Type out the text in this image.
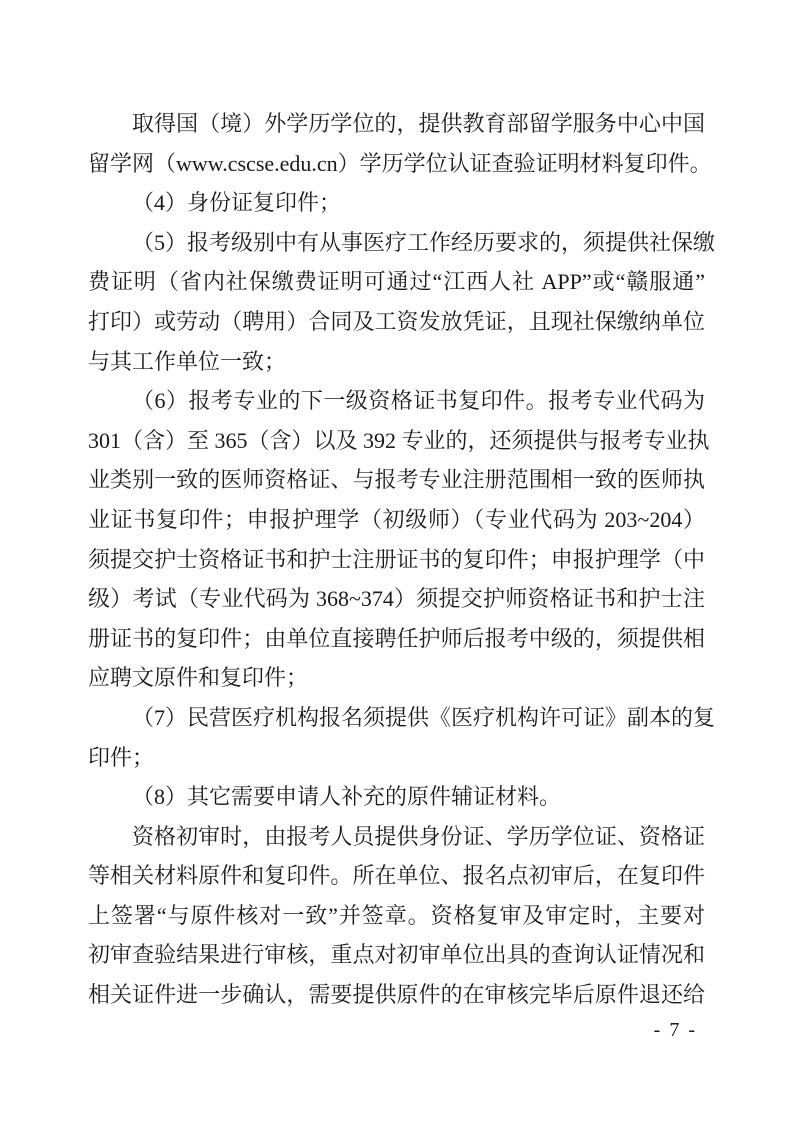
取得国（境）外学历学位的，提供教育部留学服务中心中国
留学网（www.cscse.edu.cn）学历学位认证查验证明材料复印件。
（4）身份证复印件；
（5）报考级别中有从事医疗工作经历要求的，须提供社保缴
费证明（省内社保缴费证明可通过“江西人社 APP”或“赣服通”
打印）或劳动（聘用）合同及工资发放凭证，且现社保缴纳单位
与其工作单位一致；
（6）报考专业的下一级资格证书复印件。报考专业代码为
301（含）至 365（含）以及 392 专业的，还须提供与报考专业执
业类别一致的医师资格证、与报考专业注册范围相一致的医师执
业证书复印件；申报护理学（初级师）（专业代码为 203~204）
须提交护士资格证书和护士注册证书的复印件；申报护理学（中
级）考试（专业代码为 368~374）须提交护师资格证书和护士注
册证书的复印件；由单位直接聘任护师后报考中级的，须提供相
应聘文原件和复印件；
（7）民营医疗机构报名须提供《医疗机构许可证》副本的复
印件；
（8）其它需要申请人补充的原件辅证材料。
资格初审时，由报考人员提供身份证、学历学位证、资格证
等相关材料原件和复印件。所在单位、报名点初审后，在复印件
上签署“与原件核对一致”并签章。资格复审及审定时，主要对
初审查验结果进行审核，重点对初审单位出具的查询认证情况和
相关证件进一步确认，需要提供原件的在审核完毕后原件退还给
- 7 -
